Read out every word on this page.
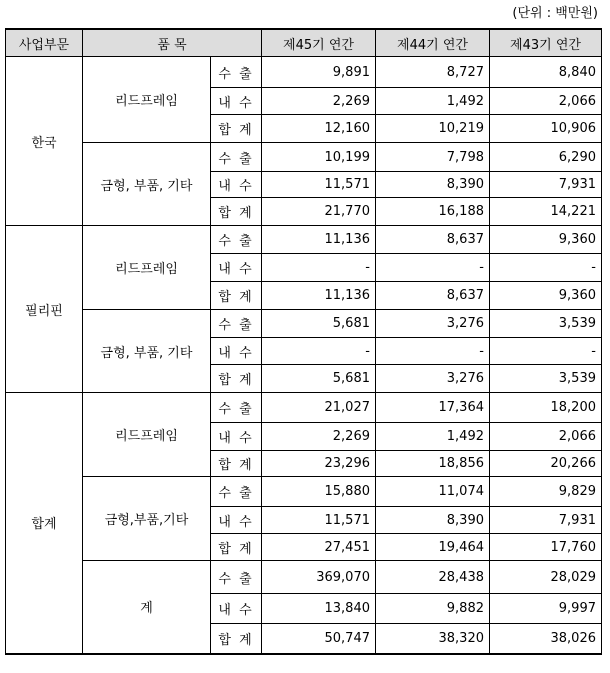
(단위 : 백만원)
사업부문	품 목		제45기 연간	제44기 연간	제43기 연간
한국	리드프레임	수 출	9,891	8,727	8,840
		내 수	2,269	1,492	2,066
		합 계	12,160	10,219	10,906
	금형, 부품, 기타	수 출	10,199	7,798	6,290
		내 수	11,571	8,390	7,931
		합 계	21,770	16,188	14,221
필리핀	리드프레임	수 출	11,136	8,637	9,360
		내 수	-	-	-
		합 계	11,136	8,637	9,360
	금형, 부품, 기타	수 출	5,681	3,276	3,539
		내 수	-	-	-
		합 계	5,681	3,276	3,539
합계	리드프레임	수 출	21,027	17,364	18,200
		내 수	2,269	1,492	2,066
		합 계	23,296	18,856	20,266
	금형,부품,기타	수 출	15,880	11,074	9,829
		내 수	11,571	8,390	7,931
		합 계	27,451	19,464	17,760
	계	수 출	369,070	28,438	28,029
		내 수	13,840	9,882	9,997
		합 계	50,747	38,320	38,026
